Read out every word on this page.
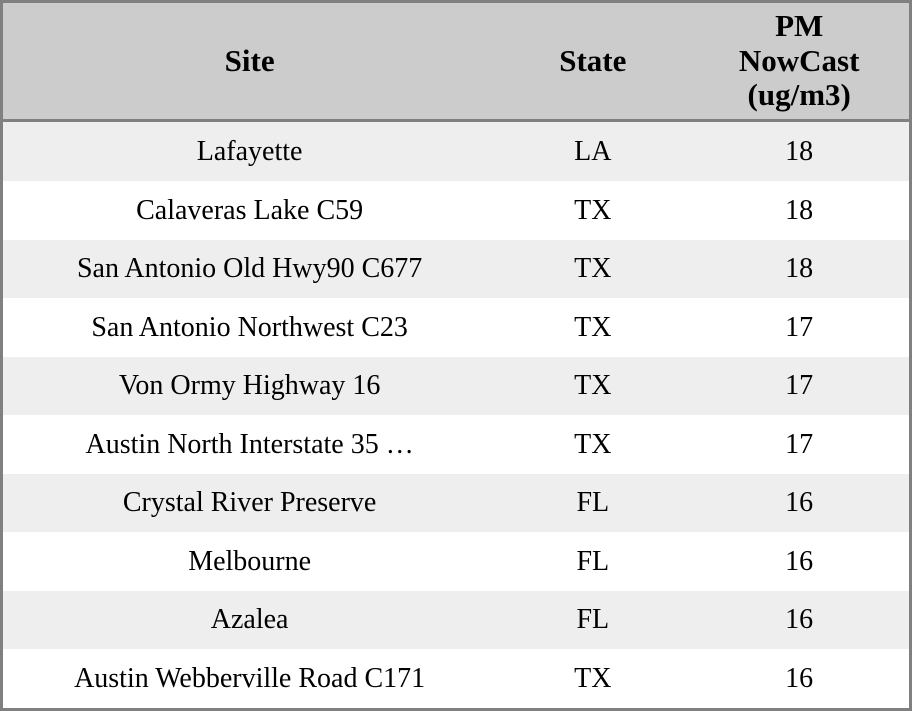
Site	State	PM
NowCast
(ug/m3)
Lafayette	LA	18
Calaveras Lake C59	TX	18
San Antonio Old Hwy90 C677	TX	18
San Antonio Northwest C23	TX	17
Von Ormy Highway 16	TX	17
Austin North Interstate 35 …	TX	17
Crystal River Preserve	FL	16
Melbourne	FL	16
Azalea	FL	16
Austin Webberville Road C171	TX	16
